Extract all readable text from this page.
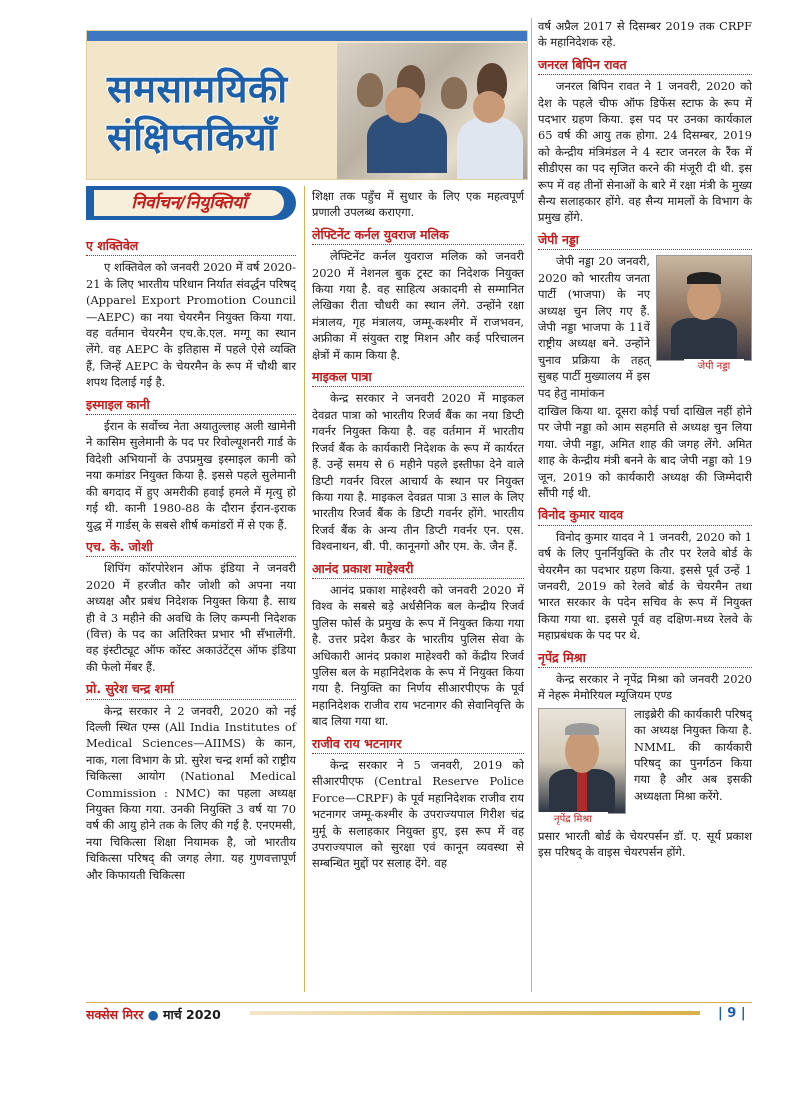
समसामयिकी
संक्षिप्तकियाँ
निर्वाचन/नियुक्तियाँ
ए शक्तिवेल

ए शक्तिवेल को जनवरी 2020 में वर्ष 2020-21 के लिए भारतीय परिधान निर्यात संवर्द्धन परिषद् (Apparel Export Promotion Council—AEPC) का नया चेयरमैन नियुक्त किया गया. वह वर्तमान चेयरमैन एच.के.एल. मग्गू का स्थान लेंगे. वह AEPC के इतिहास में पहले ऐसे व्यक्ति हैं, जिन्हें AEPC के चेयरमैन के रूप में चौथी बार शपथ दिलाई गई है.

इस्माइल कानी

ईरान के सर्वोच्च नेता अयातुल्लाह अली खामेनी ने कासिम सुलेमानी के पद पर रिवोल्यूशनरी गार्ड के विदेशी अभियानों के उपप्रमुख इस्माइल कानी को नया कमांडर नियुक्त किया है. इससे पहले सुलेमानी की बगदाद में हुए अमरीकी हवाई हमले में मृत्यु हो गई थी. कानी 1980-88 के दौरान ईरान-इराक युद्ध में गार्डस् के सबसे शीर्ष कमांडरों में से एक हैं.

एच. के. जोशी

शिपिंग कॉरपोरेशन ऑफ इंडिया ने जनवरी 2020 में हरजीत कौर जोशी को अपना नया अध्यक्ष और प्रबंध निदेशक नियुक्त किया है. साथ ही वे 3 महीने की अवधि के लिए कम्पनी निदेशक (वित्त) के पद का अतिरिक्त प्रभार भी सँभालेंगी. वह इंस्टीट्यूट ऑफ कॉस्ट अकाउंटेंट्स ऑफ इंडिया की फेलो मेंबर हैं.

प्रो. सुरेश चन्द्र शर्मा

केन्द्र सरकार ने 2 जनवरी, 2020 को नई दिल्ली स्थित एम्स (All India Institutes of Medical Sciences—AIIMS) के कान, नाक, गला विभाग के प्रो. सुरेश चन्द्र शर्मा को राष्ट्रीय चिकित्सा आयोग (National Medical Commission : NMC) का पहला अध्यक्ष नियुक्त किया गया. उनकी नियुक्ति 3 वर्ष या 70 वर्ष की आयु होने तक के लिए की गई है. एनएमसी, नया चिकित्सा शिक्षा नियामक है, जो भारतीय चिकित्सा परिषद् की जगह लेगा. यह गुणवत्तापूर्ण और किफायती चिकित्सा

शिक्षा तक पहुँच में सुधार के लिए एक महत्वपूर्ण प्रणाली उपलब्ध कराएगा.

लेफ्टिनेंट कर्नल युवराज मलिक

लेफ्टिनेंट कर्नल युवराज मलिक को जनवरी 2020 में नेशनल बुक ट्रस्ट का निदेशक नियुक्त किया गया है. वह साहित्य अकादमी से सम्मानित लेखिका रीता चौधरी का स्थान लेंगे. उन्होंने रक्षा मंत्रालय, गृह मंत्रालय, जम्मू-कश्मीर में राजभवन, अफ्रीका में संयुक्त राष्ट्र मिशन और कई परिचालन क्षेत्रों में काम किया है.

माइकल पात्रा

केन्द्र सरकार ने जनवरी 2020 में माइकल देवव्रत पात्रा को भारतीय रिजर्व बैंक का नया डिप्टी गवर्नर नियुक्त किया है. वह वर्तमान में भारतीय रिजर्व बैंक के कार्यकारी निदेशक के रूप में कार्यरत हैं. उन्हें समय से 6 महीने पहले इस्तीफा देने वाले डिप्टी गवर्नर विरल आचार्य के स्थान पर नियुक्त किया गया है. माइकल देवव्रत पात्रा 3 साल के लिए भारतीय रिजर्व बैंक के डिप्टी गवर्नर होंगे. भारतीय रिजर्व बैंक के अन्य तीन डिप्टी गवर्नर एन. एस. विश्वनाथन, बी. पी. कानूनगो और एम. के. जैन हैं.

आनंद प्रकाश माहेश्वरी

आनंद प्रकाश माहेश्वरी को जनवरी 2020 में विश्व के सबसे बड़े अर्धसैनिक बल केन्द्रीय रिजर्व पुलिस फोर्स के प्रमुख के रूप में नियुक्त किया गया है. उत्तर प्रदेश कैडर के भारतीय पुलिस सेवा के अधिकारी आनंद प्रकाश माहेश्वरी को केंद्रीय रिजर्व पुलिस बल के महानिदेशक के रूप में नियुक्त किया गया है. नियुक्ति का निर्णय सीआरपीएफ के पूर्व महानिदेशक राजीव राय भटनागर की सेवानिवृत्ति के बाद लिया गया था.

राजीव राय भटनागर

केन्द्र सरकार ने 5 जनवरी, 2019 को सीआरपीएफ (Central Reserve Police Force—CRPF) के पूर्व महानिदेशक राजीव राय भटनागर जम्मू-कश्मीर के उपराज्यपाल गिरीश चंद्र मुर्मू के सलाहकार नियुक्त हुए, इस रूप में वह उपराज्यपाल को सुरक्षा एवं कानून व्यवस्था से सम्बन्धित मुद्दों पर सलाह देंगे. वह

वर्ष अप्रैल 2017 से दिसम्बर 2019 तक CRPF के महानिदेशक रहे.

जनरल बिपिन रावत

जनरल बिपिन रावत ने 1 जनवरी, 2020 को देश के पहले चीफ ऑफ डिफेंस स्टाफ के रूप में पदभार ग्रहण किया. इस पद पर उनका कार्यकाल 65 वर्ष की आयु तक होगा. 24 दिसम्बर, 2019 को केन्द्रीय मंत्रिमंडल ने 4 स्टार जनरल के रैंक में सीडीएस का पद सृजित करने की मंजूरी दी थी. इस रूप में वह तीनों सेनाओं के बारे में रक्षा मंत्री के मुख्य सैन्य सलाहकार होंगे. वह सैन्य मामलों के विभाग के प्रमुख होंगे.

जेपी नड्डा
जेपी नड्डा

जेपी नड्डा 20 जनवरी, 2020 को भारतीय जनता पार्टी (भाजपा) के नए अध्यक्ष चुन लिए गए हैं. जेपी नड्डा भाजपा के 11वें राष्ट्रीय अध्यक्ष बने. उन्होंने चुनाव प्रक्रिया के तहत् सुबह पार्टी मुख्यालय में इस पद हेतु नामांकन

दाखिल किया था. दूसरा कोई पर्चा दाखिल नहीं होने पर जेपी नड्डा को आम सहमति से अध्यक्ष चुन लिया गया. जेपी नड्डा, अमित शाह की जगह लेंगे. अमित शाह के केन्द्रीय मंत्री बनने के बाद जेपी नड्डा को 19 जून, 2019 को कार्यकारी अध्यक्ष की जिम्मेदारी सौंपी गई थी.

विनोद कुमार यादव

विनोद कुमार यादव ने 1 जनवरी, 2020 को 1 वर्ष के लिए पुनर्नियुक्ति के तौर पर रेलवे बोर्ड के चेयरमैन का पदभार ग्रहण किया. इससे पूर्व उन्हें 1 जनवरी, 2019 को रेलवे बोर्ड के चेयरमैन तथा भारत सरकार के पदेन सचिव के रूप में नियुक्त किया गया था. इससे पूर्व वह दक्षिण-मध्य रेलवे के महाप्रबंधक के पद पर थे.

नृपेंद्र मिश्रा

केन्द्र सरकार ने नृपेंद्र मिश्रा को जनवरी 2020 में नेहरू मेमोरियल म्यूजियम एण्ड

नृपेंद्र मिश्रा

लाइब्रेरी की कार्यकारी परिषद् का अध्यक्ष नियुक्त किया है. NMML की कार्यकारी परिषद् का पुनर्गठन किया गया है और अब इसकी अध्यक्षता मिश्रा करेंगे.

प्रसार भारती बोर्ड के चेयरपर्सन डॉ. ए. सूर्य प्रकाश इस परिषद् के वाइस चेयरपर्सन होंगे.

सक्सेस मिरर ● मार्च 2020	| 9 |
